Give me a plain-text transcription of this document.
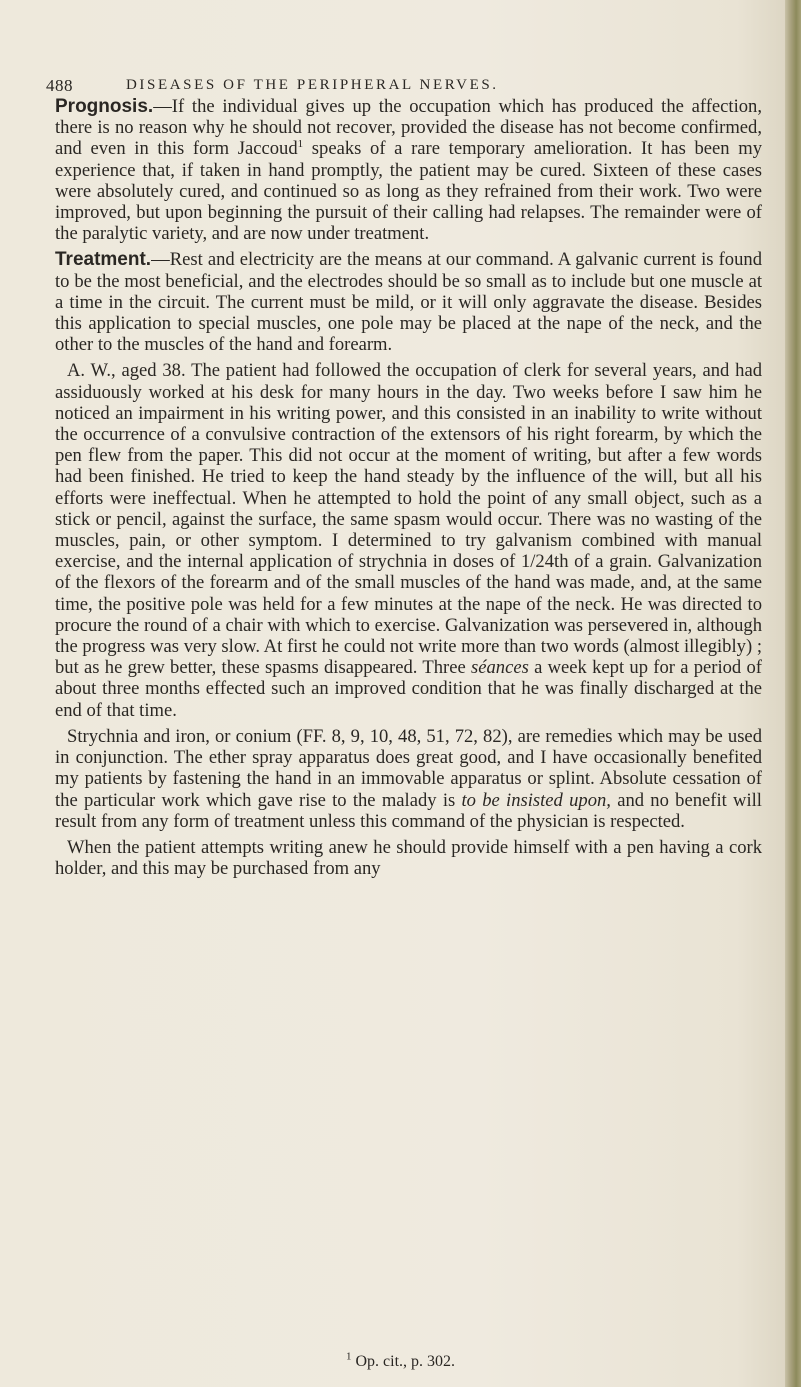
488	DISEASES OF THE PERIPHERAL NERVES.

Prognosis.—If the individual gives up the occupation which has produced the affection, there is no reason why he should not recover, provided the disease has not become confirmed, and even in this form Jaccoud$^1$ speaks of a rare temporary amelioration. It has been my experience that, if taken in hand promptly, the patient may be cured. Sixteen of these cases were absolutely cured, and continued so as long as they refrained from their work. Two were improved, but upon beginning the pursuit of their calling had relapses. The remainder were of the paralytic variety, and are now under treatment.

Treatment.—Rest and electricity are the means at our command. A galvanic current is found to be the most beneficial, and the electrodes should be so small as to include but one muscle at a time in the circuit. The current must be mild, or it will only aggravate the disease. Besides this application to special muscles, one pole may be placed at the nape of the neck, and the other to the muscles of the hand and forearm.

A. W., aged 38. The patient had followed the occupation of clerk for several years, and had assiduously worked at his desk for many hours in the day. Two weeks before I saw him he noticed an impairment in his writing power, and this consisted in an inability to write without the occurrence of a convulsive contraction of the extensors of his right forearm, by which the pen flew from the paper. This did not occur at the moment of writing, but after a few words had been finished. He tried to keep the hand steady by the influence of the will, but all his efforts were ineffectual. When he attempted to hold the point of any small object, such as a stick or pencil, against the surface, the same spasm would occur. There was no wasting of the muscles, pain, or other symptom. I determined to try galvanism combined with manual exercise, and the internal application of strychnia in doses of 1/24th of a grain. Galvanization of the flexors of the forearm and of the small muscles of the hand was made, and, at the same time, the positive pole was held for a few minutes at the nape of the neck. He was directed to procure the round of a chair with which to exercise. Galvanization was persevered in, although the progress was very slow. At first he could not write more than two words (almost illegibly) ; but as he grew better, these spasms disappeared. Three séances a week kept up for a period of about three months effected such an improved condition that he was finally discharged at the end of that time.

Strychnia and iron, or conium (FF. 8, 9, 10, 48, 51, 72, 82), are remedies which may be used in conjunction. The ether spray apparatus does great good, and I have occasionally benefited my patients by fastening the hand in an immovable apparatus or splint. Absolute cessation of the particular work which gave rise to the malady is to be insisted upon, and no benefit will result from any form of treatment unless this command of the physician is respected.

When the patient attempts writing anew he should provide himself with a pen having a cork holder, and this may be purchased from any

$^1$ Op. cit., p. 302.
